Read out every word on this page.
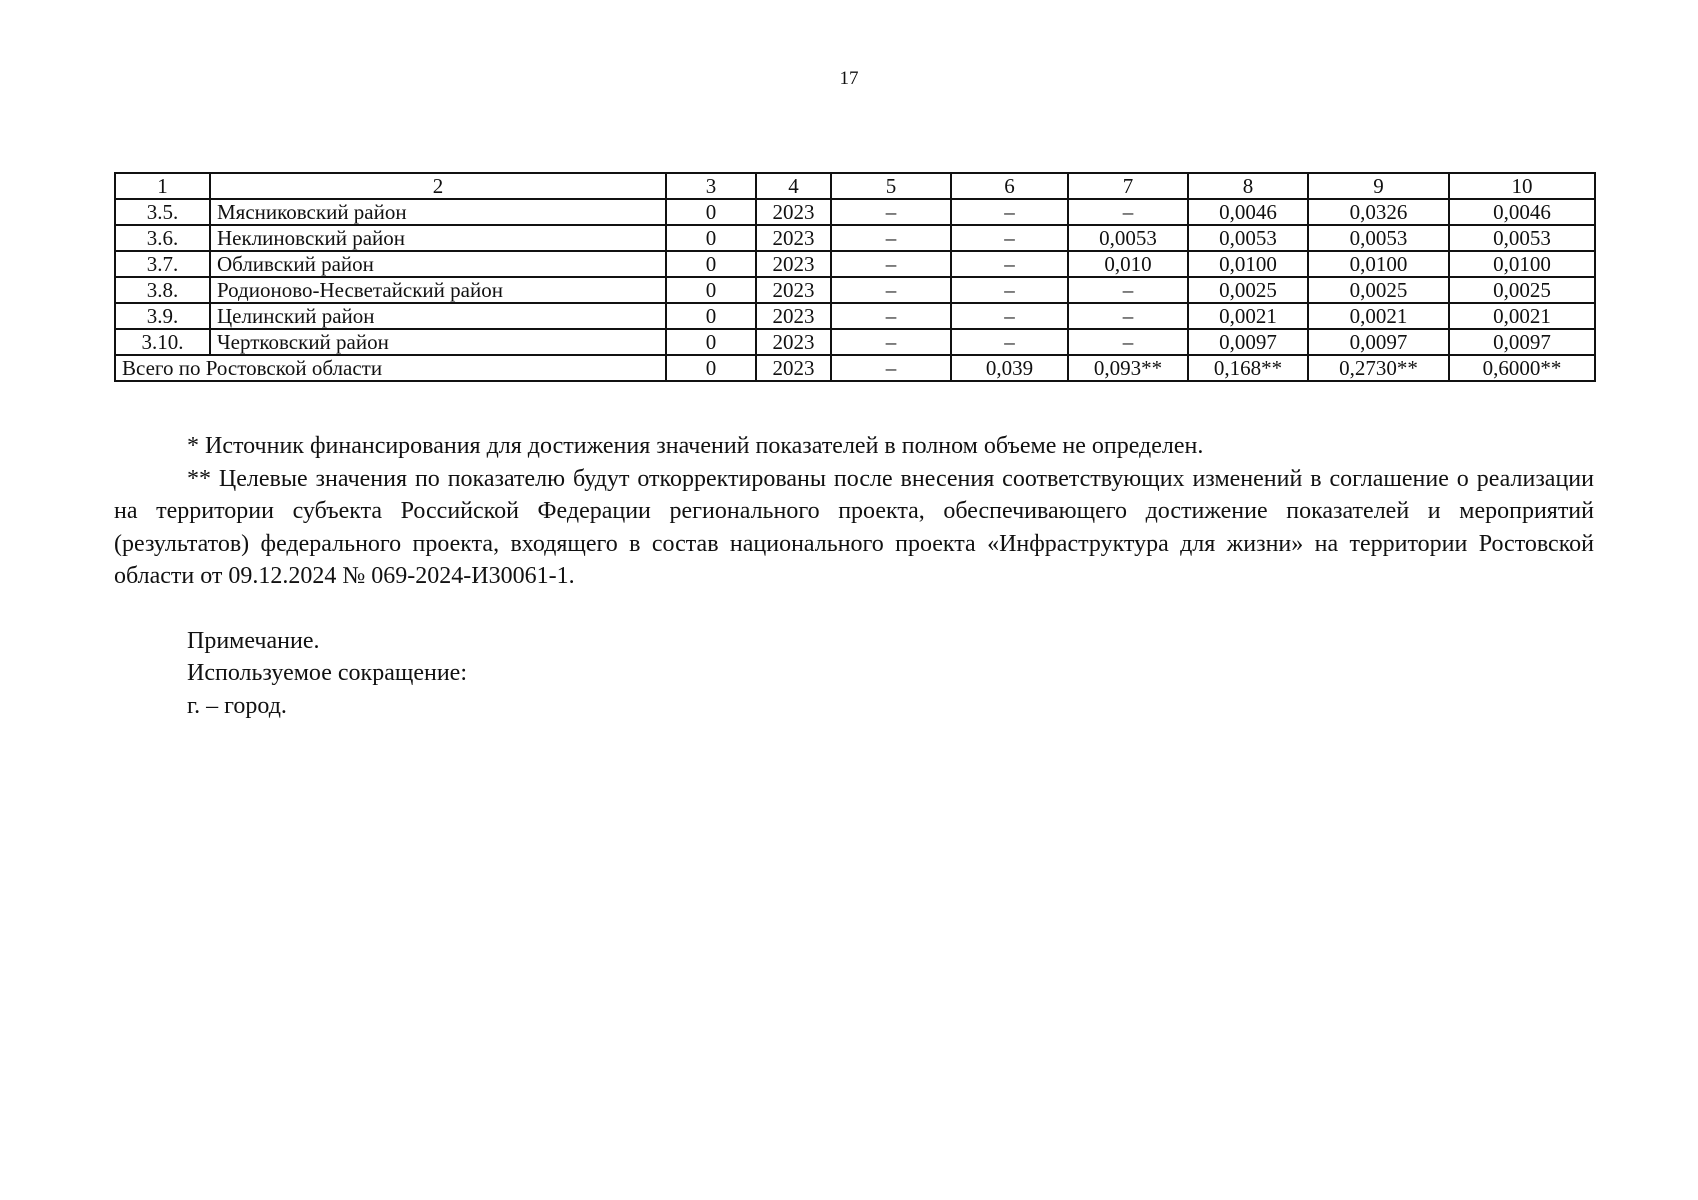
17
1	2	3	4	5	6	7	8	9	10
3.5.	Мясниковский район	0	2023	–	–	–	0,0046	0,0326	0,0046
3.6.	Неклиновский район	0	2023	–	–	0,0053	0,0053	0,0053	0,0053
3.7.	Обливский район	0	2023	–	–	0,010	0,0100	0,0100	0,0100
3.8.	Родионово-Несветайский район	0	2023	–	–	–	0,0025	0,0025	0,0025
3.9.	Целинский район	0	2023	–	–	–	0,0021	0,0021	0,0021
3.10.	Чертковский район	0	2023	–	–	–	0,0097	0,0097	0,0097
Всего по Ростовской области		0	2023	–	0,039	0,093**	0,168**	0,2730**	0,6000**

* Источник финансирования для достижения значений показателей в полном объеме не определен.

** Целевые значения по показателю будут откорректированы после внесения соответствующих изменений в соглашение о реализации на территории субъекта Российской Федерации регионального проекта, обеспечивающего достижение показателей и мероприятий (результатов) федерального проекта, входящего в состав национального проекта «Инфраструктура для жизни» на территории Ростовской области от 09.12.2024 № 069-2024-И30061-1.

Примечание.

Используемое сокращение:

г. – город.
